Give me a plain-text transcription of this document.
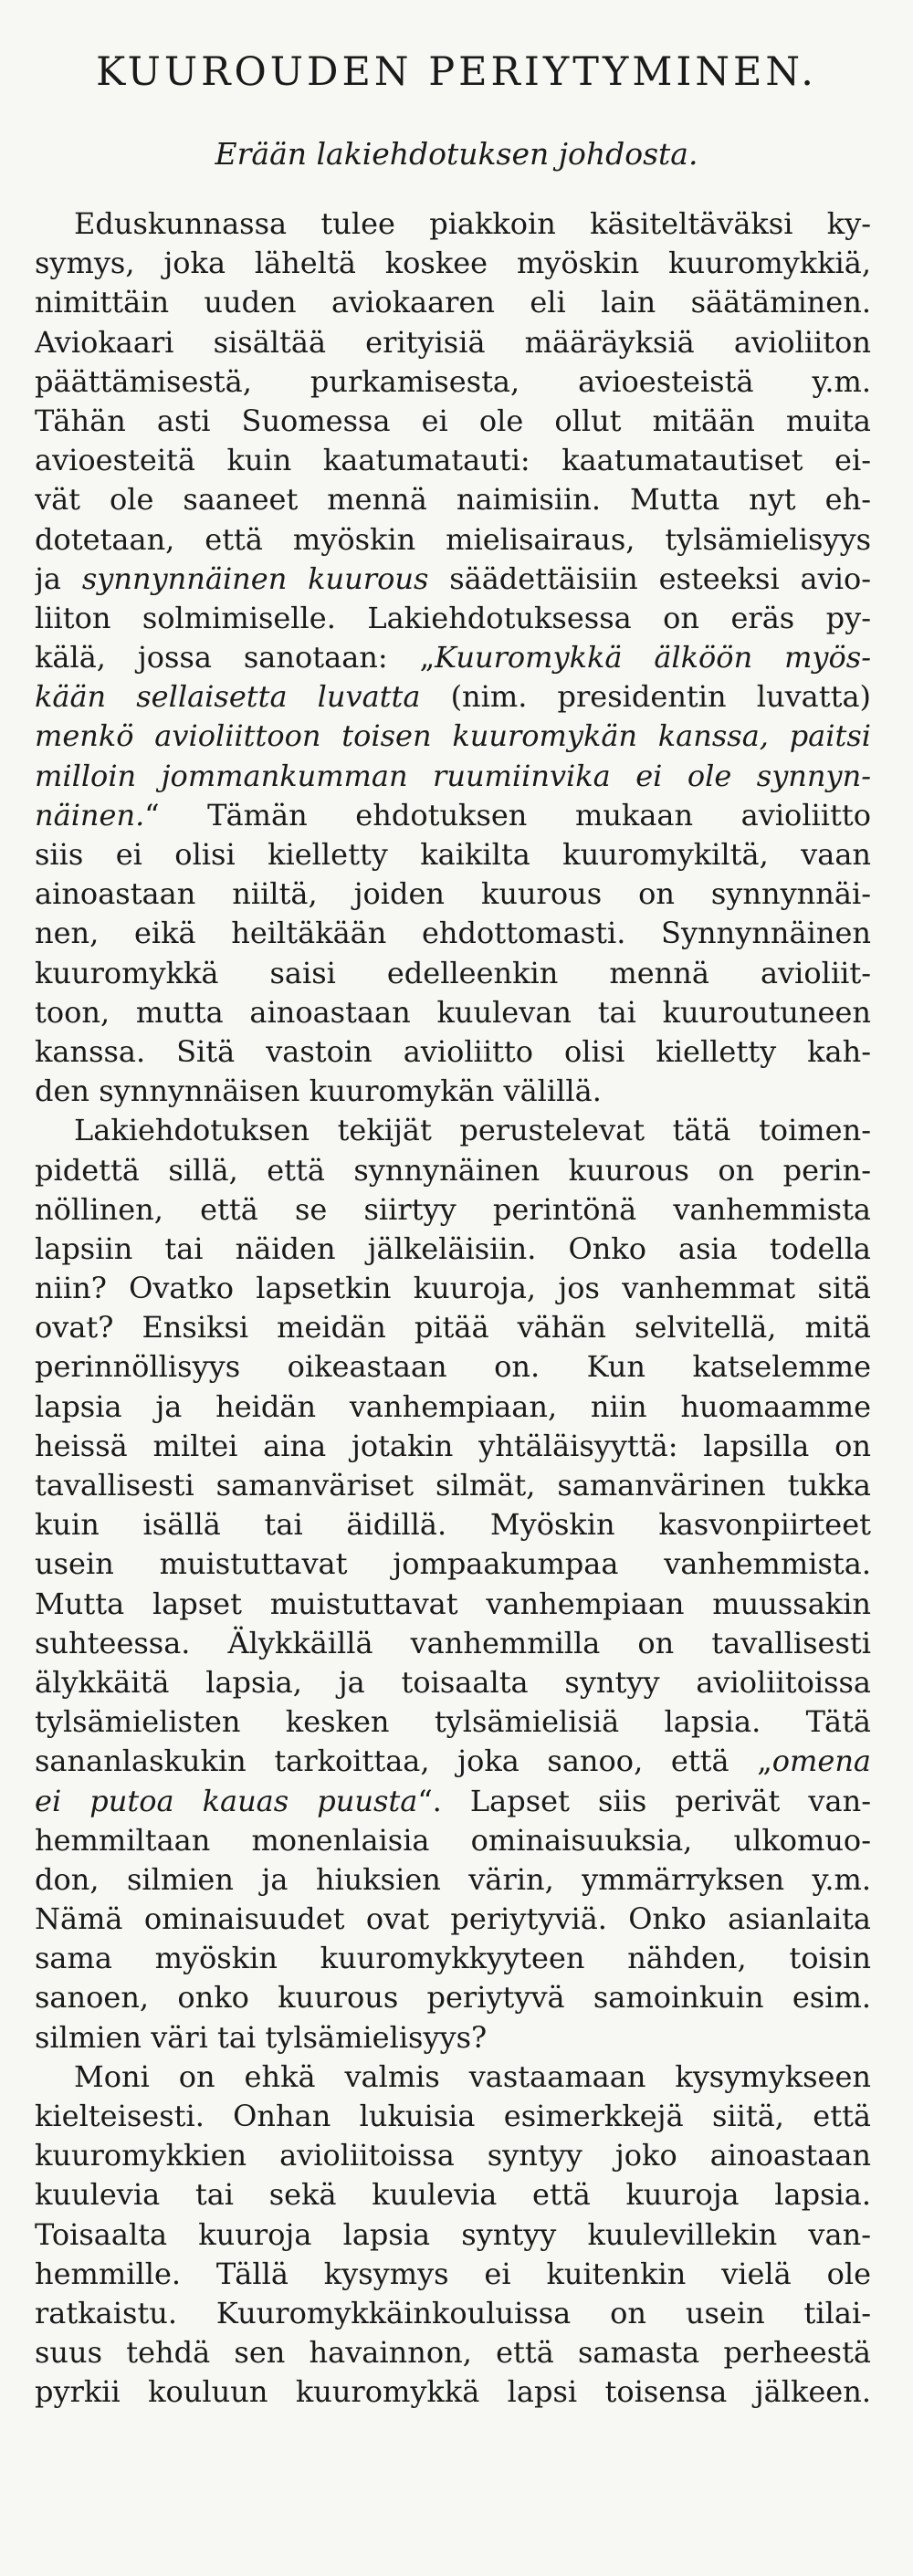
KUUROUDEN PERIYTYMINEN.
Erään lakiehdotuksen johdosta.
Eduskunnassa tulee piakkoin käsiteltäväksi ky-
symys, joka läheltä koskee myöskin kuuromykkiä,
nimittäin uuden aviokaaren eli lain säätäminen.
Aviokaari sisältää erityisiä määräyksiä avioliiton
päättämisestä, purkamisesta, avioesteistä y.m.
Tähän asti Suomessa ei ole ollut mitään muita
avioesteitä kuin kaatumatauti: kaatumatautiset ei-
vät ole saaneet mennä naimisiin. Mutta nyt eh-
dotetaan, että myöskin mielisairaus, tylsämielisyys
ja synnynnäinen kuurous säädettäisiin esteeksi avio-
liiton solmimiselle. Lakiehdotuksessa on eräs py-
kälä, jossa sanotaan: „Kuuromykkä älköön myös-
kään sellaisetta luvatta (nim. presidentin luvatta)
menkö avioliittoon toisen kuuromykän kanssa, paitsi
milloin jommankumman ruumiinvika ei ole synnyn-
näinen.“ Tämän ehdotuksen mukaan avioliitto
siis ei olisi kielletty kaikilta kuuromykiltä, vaan
ainoastaan niiltä, joiden kuurous on synnynnäi-
nen, eikä heiltäkään ehdottomasti. Synnynnäinen
kuuromykkä saisi edelleenkin mennä avioliit-
toon, mutta ainoastaan kuulevan tai kuuroutuneen
kanssa. Sitä vastoin avioliitto olisi kielletty kah-
den synnynnäisen kuuromykän välillä.
Lakiehdotuksen tekijät perustelevat tätä toimen-
pidettä sillä, että synnynäinen kuurous on perin-
nöllinen, että se siirtyy perintönä vanhemmista
lapsiin tai näiden jälkeläisiin. Onko asia todella
niin? Ovatko lapsetkin kuuroja, jos vanhemmat sitä
ovat? Ensiksi meidän pitää vähän selvitellä, mitä
perinnöllisyys oikeastaan on. Kun katselemme
lapsia ja heidän vanhempiaan, niin huomaamme
heissä miltei aina jotakin yhtäläisyyttä: lapsilla on
tavallisesti samanväriset silmät, samanvärinen tukka
kuin isällä tai äidillä. Myöskin kasvonpiirteet
usein muistuttavat jompaakumpaa vanhemmista.
Mutta lapset muistuttavat vanhempiaan muussakin
suhteessa. Älykkäillä vanhemmilla on tavallisesti
älykkäitä lapsia, ja toisaalta syntyy avioliitoissa
tylsämielisten kesken tylsämielisiä lapsia. Tätä
sananlaskukin tarkoittaa, joka sanoo, että „omena
ei putoa kauas puusta“. Lapset siis perivät van-
hemmiltaan monenlaisia ominaisuuksia, ulkomuo-
don, silmien ja hiuksien värin, ymmärryksen y.m.
Nämä ominaisuudet ovat periytyviä. Onko asianlaita
sama myöskin kuuromykkyyteen nähden, toisin
sanoen, onko kuurous periytyvä samoinkuin esim.
silmien väri tai tylsämielisyys?
Moni on ehkä valmis vastaamaan kysymykseen
kielteisesti. Onhan lukuisia esimerkkejä siitä, että
kuuromykkien avioliitoissa syntyy joko ainoastaan
kuulevia tai sekä kuulevia että kuuroja lapsia.
Toisaalta kuuroja lapsia syntyy kuulevillekin van-
hemmille. Tällä kysymys ei kuitenkin vielä ole
ratkaistu. Kuuromykkäinkouluissa on usein tilai-
suus tehdä sen havainnon, että samasta perheestä
pyrkii kouluun kuuromykkä lapsi toisensa jälkeen.
